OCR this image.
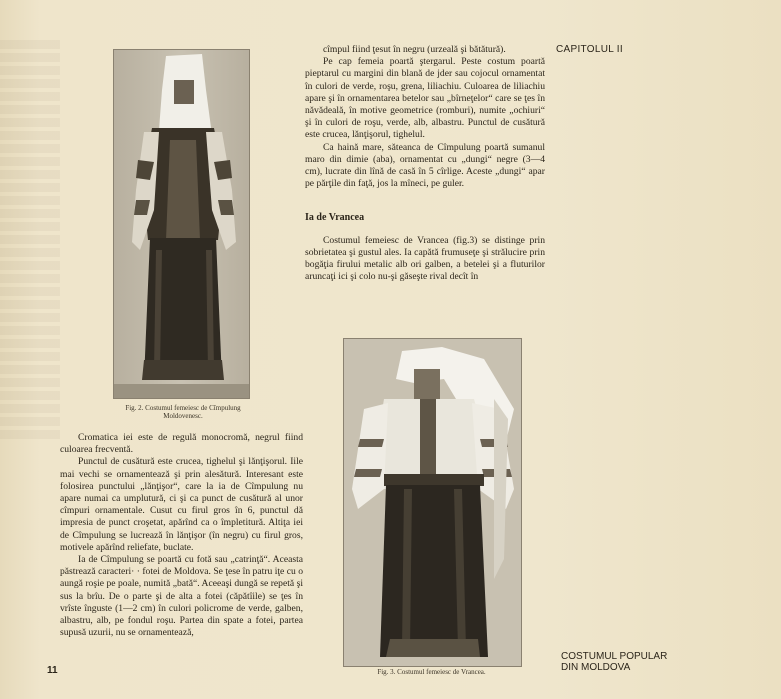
Fig. 2. Costumul femeiesc de Cîmpulung
Moldovenesc.
Fig. 3. Costumul femeiesc de Vrancea.
CAPITOLUL II

Cromatica iei este de regulă monocromă, negrul fiind culoarea frecventă.

Punctul de cusătură este crucea, tighelul şi lănţişorul. Iile mai vechi se ornamentează şi prin alesătură. Interesant este folosirea punctului „lănţişor“, care la ia de Cîmpulung nu apare numai ca umplutură, ci şi ca punct de cusătură al unor cîmpuri ornamentale. Cusut cu firul gros în 6, punctul dă impresia de punct croşetat, apărînd ca o împletitură. Altiţa iei de Cîmpulung se lucrează în lănţişor (în negru) cu firul gros, motivele apărînd reliefate, buclate.

Ia de Cîmpulung se poartă cu fotă sau „catrinţă“. Aceasta păstrează caracteri· · fotei de Moldova. Se ţese în patru iţe cu o aungă roşie pe poale, numită „bată“. Aceeaşi dungă se repetă şi sus la brîu. De o parte şi de alta a fotei (căpătîile) se ţes în vrîste înguste (1—2 cm) în culori policrome de verde, galben, albastru, alb, pe fondul roşu. Partea din spate a fotei, partea supusă uzurii, nu se ornamentează,

cîmpul fiind ţesut în negru (urzeală şi bătătură).

Pe cap femeia poartă ştergarul. Peste costum poartă pieptarul cu margini din blană de jder sau cojocul ornamentat în culori de verde, roşu, grena, liliachiu. Culoarea de liliachiu apare şi în ornamentarea betelor sau „bîrneţelor“ care se ţes în năvădeală, în motive geometrice (romburi), numite „ochiuri“ şi în culori de roşu, verde, alb, albastru. Punctul de cusătură este crucea, lănţişorul, tighelul.

Ca haină mare, săteanca de Cîmpulung poartă sumanul maro din dimie (aba), ornamentat cu „dungi“ negre (3—4 cm), lucrate din lînă de casă în 5 cîrlige. Aceste „dungi“ apar pe părţile din faţă, jos la mîneci, pe guler.

Ia de Vrancea

Costumul femeiesc de Vrancea (fig.3) se distinge prin sobrietatea şi gustul ales. Ia capătă frumuseţe şi strălucire prin bogăţia firului metalic alb ori galben, a betelei şi a fluturilor aruncaţi ici şi colo nu-şi găseşte rival decît în

11
COSTUMUL POPULAR
DIN MOLDOVA
